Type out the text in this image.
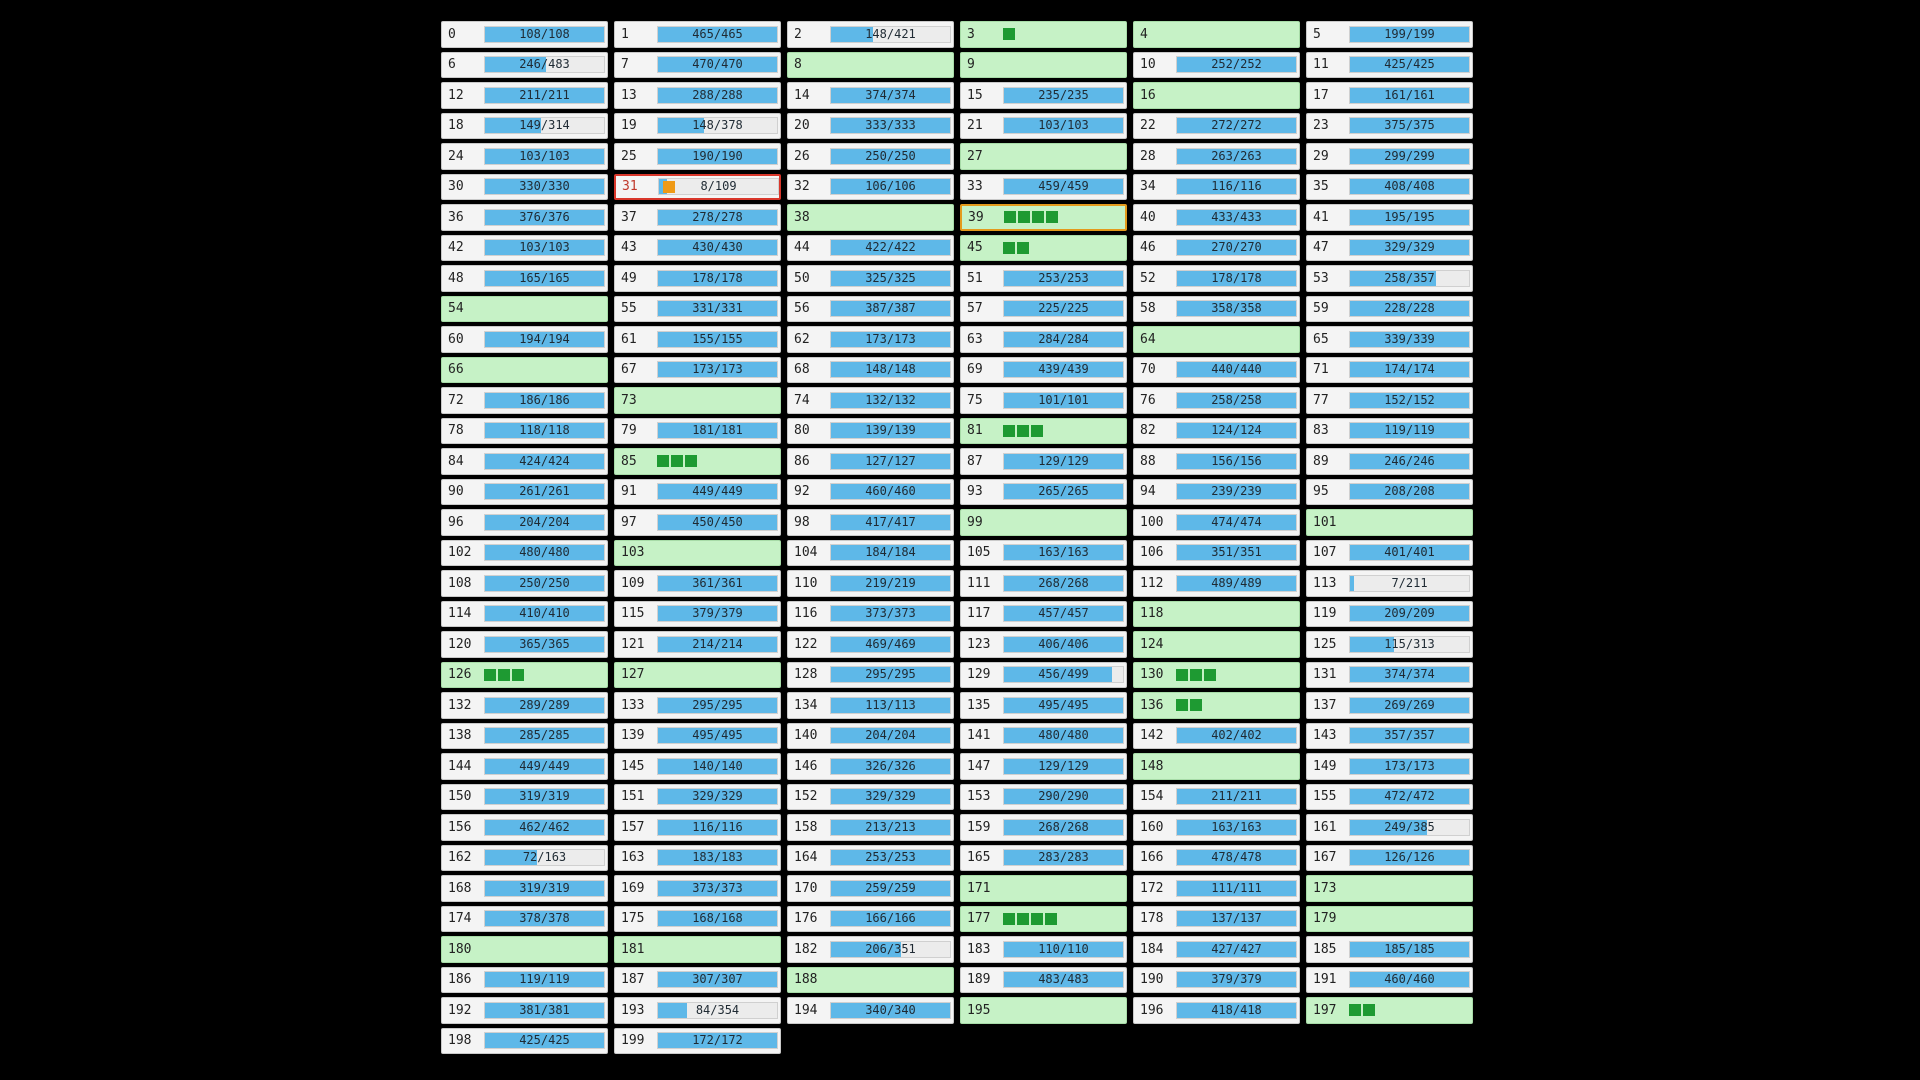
0	108/108	1	465/465	2	148/421	3	4	5	199/199
6	246/483	7	470/470	8	9	10	252/252	11	425/425
12	211/211	13	288/288	14	374/374	15	235/235	16	17	161/161
18	149/314	19	148/378	20	333/333	21	103/103	22	272/272	23	375/375
24	103/103	25	190/190	26	250/250	27	28	263/263	29	299/299
30	330/330	31	8/109	32	106/106	33	459/459	34	116/116	35	408/408
36	376/376	37	278/278	38	39	40	433/433	41	195/195
42	103/103	43	430/430	44	422/422	45	46	270/270	47	329/329
48	165/165	49	178/178	50	325/325	51	253/253	52	178/178	53	258/357
54	55	331/331	56	387/387	57	225/225	58	358/358	59	228/228
60	194/194	61	155/155	62	173/173	63	284/284	64	65	339/339
66	67	173/173	68	148/148	69	439/439	70	440/440	71	174/174
72	186/186	73	74	132/132	75	101/101	76	258/258	77	152/152
78	118/118	79	181/181	80	139/139	81	82	124/124	83	119/119
84	424/424	85	86	127/127	87	129/129	88	156/156	89	246/246
90	261/261	91	449/449	92	460/460	93	265/265	94	239/239	95	208/208
96	204/204	97	450/450	98	417/417	99	100	474/474	101
102	480/480	103	104	184/184	105	163/163	106	351/351	107	401/401
108	250/250	109	361/361	110	219/219	111	268/268	112	489/489	113	7/211
114	410/410	115	379/379	116	373/373	117	457/457	118	119	209/209
120	365/365	121	214/214	122	469/469	123	406/406	124	125	115/313
126	127	128	295/295	129	456/499	130	131	374/374
132	289/289	133	295/295	134	113/113	135	495/495	136	137	269/269
138	285/285	139	495/495	140	204/204	141	480/480	142	402/402	143	357/357
144	449/449	145	140/140	146	326/326	147	129/129	148	149	173/173
150	319/319	151	329/329	152	329/329	153	290/290	154	211/211	155	472/472
156	462/462	157	116/116	158	213/213	159	268/268	160	163/163	161	249/385
162	72/163	163	183/183	164	253/253	165	283/283	166	478/478	167	126/126
168	319/319	169	373/373	170	259/259	171	172	111/111	173
174	378/378	175	168/168	176	166/166	177	178	137/137	179
180	181	182	206/351	183	110/110	184	427/427	185	185/185
186	119/119	187	307/307	188	189	483/483	190	379/379	191	460/460
192	381/381	193	84/354	194	340/340	195	196	418/418	197
198	425/425	199	172/172
